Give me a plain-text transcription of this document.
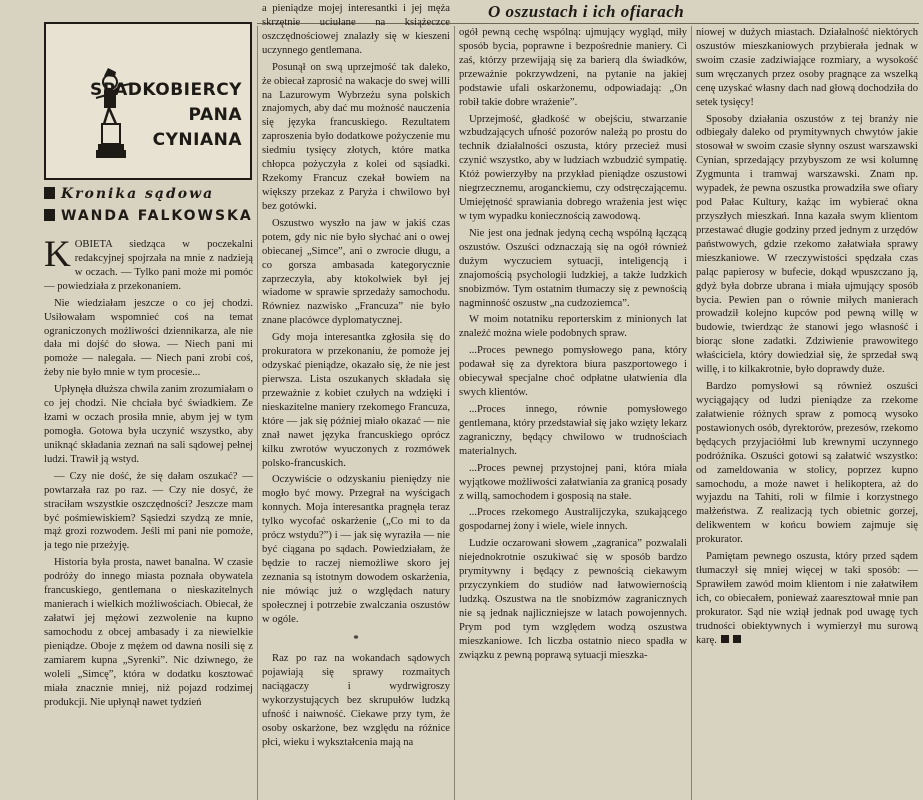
O oszustach i ich ofiarach
SPADKOBIERCY
PANA
CYNIANA
Kronika sądowa
WANDA FALKOWSKA

KOBIETA siedząca w poczekalni redakcyjnej spojrzała na mnie z nadzieją w oczach. — Tylko pani może mi pomóc — powiedziała z przekonaniem.

Nie wiedziałam jeszcze o co jej chodzi. Usiłowałam wspomnieć coś na temat ograniczonych możliwości dziennikarza, ale nie dała mi dojść do słowa. — Niech pani mi pomoże — nalegała. — Niech pani zrobi coś, żeby nie było mnie w tym procesie...

Upłynęła dłuższa chwila zanim zrozumiałam o co jej chodzi. Nie chciała być świadkiem. Ze łzami w oczach prosiła mnie, abym jej w tym pomogła. Gotowa była uczynić wszystko, aby uniknąć składania zeznań na sali sądowej pełnej ludzi. Trawił ją wstyd.

— Czy nie dość, że się dałam oszukać? — powtarzała raz po raz. — Czy nie dosyć, że straciłam wszystkie oszczędności? Jeszcze mam być pośmiewiskiem? Sąsiedzi szydzą ze mnie, mąż grozi rozwodem. Jeśli mi pani nie pomoże, ja tego nie przeżyję.

Historia była prosta, nawet banalna. W czasie podróży do innego miasta poznała obywatela francuskiego, gentlemana o nieskazitelnych manierach i wielkich możliwościach. Obiecał, że załatwi jej mężowi zezwolenie na kupno samochodu z obcej ambasady i za niewielkie pieniądze. Oboje z mężem od dawna nosili się z zamiarem kupna „Syrenki”. Nic dziwnego, że woleli „Simcę”, która w dodatku kosztować miała znacznie mniej, niż pojazd rodzimej produkcji. Nie upłynął nawet tydzień

a pieniądze mojej interesantki i jej męża skrzętnie uciułane na książeczce oszczędnościowej znalazły się w kieszeni uczynnego gentlemana.

Posunął on swą uprzejmość tak daleko, że obiecał zaprosić na wakacje do swej willi na Lazurowym Wybrzeżu syna polskich znajomych, aby dać mu możność nauczenia się języka francuskiego. Rezultatem zaproszenia było dodatkowe pożyczenie mu siedmiu tysięcy złotych, które matka chłopca pożyczyła z kolei od sąsiadki. Rzekomy Francuz czekał bowiem na większy przekaz z Paryża i chwilowo był bez gotówki.

Oszustwo wyszło na jaw w jakiś czas potem, gdy nic nie było słychać ani o owej obiecanej „Simce”, ani o zwrocie długu, a co gorsza ambasada kategorycznie zaprzeczyła, aby ktokolwiek był jej wiadome w sprawie sprzedaży samochodu. Równiez nazwisko „Francuza” nie było znane placówce dyplomatycznej.

Gdy moja interesantka zgłosiła się do prokuratora w przekonaniu, że pomoże jej odzyskać pieniądze, okazało się, że nie jest pierwsza. Lista oszukanych składała się przeważnie z kobiet czułych na wdzięki i nieskazitelne maniery rzekomego Francuza, które — jak się później miało okazać — nie znał nawet języka francuskiego oprócz kilku zwrotów wyuczonych z rozmówek polsko-francuskich.

Oczywiście o odzyskaniu pieniędzy nie mogło być mowy. Przegrał na wyścigach konnych. Moja interesantka pragnęła teraz tylko wycofać oskarżenie („Co mi to da prócz wstydu?”) i — jak się wyraziła — nie być ciągana po sądach. Powiedziałam, że będzie to raczej niemożliwe skoro jej zeznania są istotnym dowodem oskarżenia, nie mówiąc już o względach natury społecznej i potrzebie zwalczania oszustów w ogóle.

*

Raz po raz na wokandach sądowych pojawiają się sprawy rozmaitych naciągaczy i wydrwigroszy wykorzystujących bez skrupułów ludzką ufność i naiwność. Ciekawe przy tym, że osoby oskarżone, bez względu na różnice płci, wieku i wykształcenia mają na

ogół pewną cechę wspólną: ujmujący wygląd, miły sposób bycia, poprawne i bezpośrednie maniery. Ci zaś, którzy przewijają się za barierą dla świadków, przeważnie pokrzywdzeni, na pytanie na jakiej podstawie ufali oskarżonemu, odpowiadają: „On robił takie dobre wrażenie”.

Uprzejmość, gładkość w obejściu, stwarzanie wzbudzających ufność pozorów należą po prostu do technik działalności oszusta, który przecież musi czynić wszystko, aby w ludziach wzbudzić sympatię. Któż powierzyłby na przykład pieniądze oszustowi niegrzecznemu, aroganckiemu, czy odstręczającemu. Umiejętność sprawiania dobrego wrażenia jest więc w tym wypadku koniecznością zawodową.

Nie jest ona jednak jedyną cechą wspólną łączącą oszustów. Oszuści odznaczają się na ogół również dużym wyczuciem sytuacji, inteligencją i znajomością psychologii ludzkiej, a także ludzkich snobizmów. Tym ostatnim tłumaczy się z pewnością nagminność oszustw „na cudzoziemca”.

W moim notatniku reporterskim z minionych lat znaleźć można wiele podobnych spraw.

...Proces pewnego pomysłowego pana, który podawał się za dyrektora biura paszportowego i obiecywał specjalne choć odpłatne ułatwienia dla swych klientów.

...Proces innego, równie pomysłowego gentlemana, który przedstawiał się jako wzięty lekarz zagraniczny, będący chwilowo w trudnościach materialnych.

...Proces pewnej przystojnej pani, która miała wyjątkowe możliwości załatwiania za granicą posady z willą, samochodem i gosposią na stałe.

...Proces rzekomego Australijczyka, szukającego gospodarnej żony i wiele, wiele innych.

Ludzie oczarowani słowem „zagranica” pozwalali niejednokrotnie oszukiwać się w sposób bardzo prymitywny i będący z pewnością ciekawym przyczynkiem do studiów nad łatwowiernością ludzką. Oszustwa na tle snobizmów zagranicznych nie są jednak najliczniejsze w latach powojennych. Prym pod tym względem wodzą oszustwa mieszkaniowe. Ich liczba ostatnio nieco spadła w związku z pewną poprawą sytuacji mieszka-

niowej w dużych miastach. Działalność niektórych oszustów mieszkaniowych przybierała jednak w swoim czasie zadziwiające rozmiary, a wysokość sum wręczanych przez osoby pragnące za wszelką cenę uzyskać własny dach nad głową dochodziła do setek tysięcy!

Sposoby działania oszustów z tej branży nie odbiegały daleko od prymitywnych chwytów jakie stosował w swoim czasie słynny oszust warszawski Cynian, sprzedający przybyszom ze wsi kolumnę Zygmunta i tramwaj warszawski. Znam np. wypadek, że pewna oszustka prowadziła swe ofiary pod Pałac Kultury, każąc im wybierać okna przyszłych mieszkań. Inna kazała swym klientom przestawać długie godziny przed jednym z urzędów państwowych, gdzie rzekomo załatwiała sprawy mieszkaniowe. W rzeczywistości spędzała czas paląc papierosy w bufecie, dokąd wpuszczano ją, gdyż była dobrze ubrana i miała ujmujący sposób bycia. Pewien pan o równie miłych manierach prowadził kolejno kupców pod pewną willę w budowie, twierdząc że stanowi jego własność i biorąc słone zadatki. Zdziwienie prawowitego właściciela, który dowiedział się, że sprzedał swą willę, i to kilkakrotnie, było doprawdy duże.

Bardzo pomysłowi są również oszuści wyciągający od ludzi pieniądze za rzekome załatwienie różnych spraw z pomocą wysoko postawionych osób, dyrektorów, prezesów, rzekomo będących przyjaciółmi lub krewnymi uczynnego podróżnika. Oszuści gotowi są załatwić wszystko: od zameldowania w stolicy, poprzez kupno samochodu, a może nawet i helikoptera, aż do wyjazdu na Tahiti, roli w filmie i korzystnego małżeństwa. Z realizacją tych obietnic gorzej, delikwentem w końcu bowiem zajmuje się prokurator.

Pamiętam pewnego oszusta, który przed sądem tłumaczył się mniej więcej w taki sposób: — Sprawiłem zawód moim klientom i nie załatwiłem ich, co obiecałem, ponieważ zaaresztował mnie pan prokurator. Sąd nie wziął jednak pod uwagę tych trudności obiektywnych i wymierzył mu surową karę.
